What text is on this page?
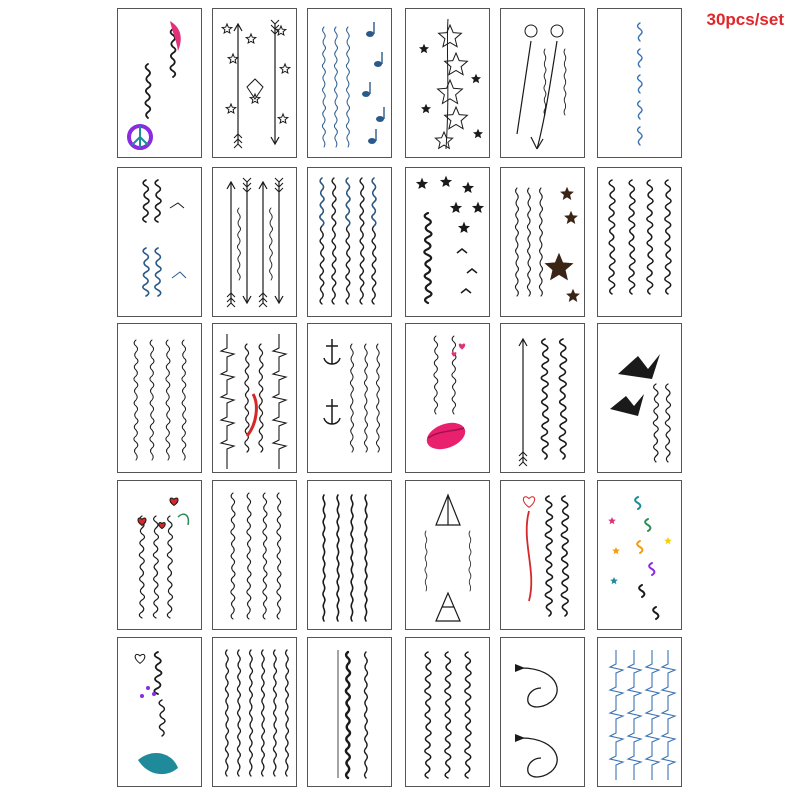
30pcs/set
